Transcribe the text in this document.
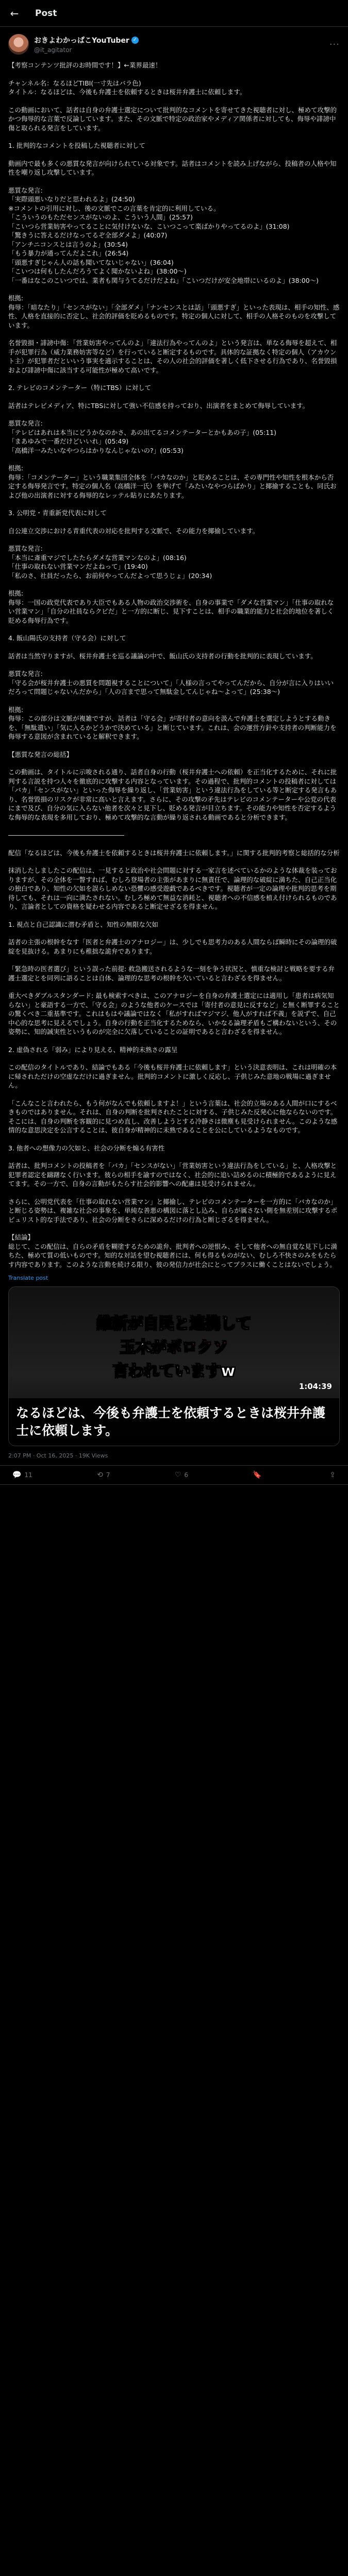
←	Post
おきよわかっぱこYouTuber ✓
@it_agitator
···

【考察コンテンツ批評のお時間です！】←業界最速！

チャンネル名：なるほどTIBI(一寸先はバラ色)
タイトル：なるほどは、今後も弁護士を依頼するときは桜井弁護士に依頼します。

この動画において、話者は自身の弁護士選定について批判的なコメントを寄せてきた視聴者に対し、極めて攻撃的かつ侮辱的な言葉で反論しています。また、その文脈で特定の政治家やメディア関係者に対しても、侮辱や誹謗中傷と取られる発言をしています。

1. 批判的なコメントを投稿した視聴者に対して

動画内で最も多くの悪質な発言が向けられている対象です。話者はコメントを読み上げながら、投稿者の人格や知性を嘲り返し攻撃しています。

悪質な発言:
「実際頭悪いなりだと思われるよ」(24:50)
※コメントの引用に対し、後の文脈でこの言葉を肯定的に利用している。
「こういうのもただセンスがないのよ、こういう人間」(25:57)
「こいつら営業妨害やってることに気付けないな、こいつこって楽ばかりやってるのよ」(31:08)
「驚きうに答えるだけなってるぞ全部ダメよ」(40:07)
「アンチニコンスとは言うのよ」(30:54)
「もう暴力が通ってんだよこれ」(26:54)
「頭悪すぎじゃん人の話も聞いてないじゃない」(36:04)
「こいつは何もしたんだろうてよく聞かないよね」(38:00～)
「一番はなこのこいつでは、業者も関与うてるだけだよね」「こいつだけが安全地帯にいるのよ」(38:00～)

根拠:
侮辱：「暗なたり」「センスがない」「全部ダメ」「ナンセンスとは話」「頭悪すぎ」といった表現は、相手の知性、感性、人格を直接的に否定し、社会的評価を貶めるものです。特定の個人に対して、相手の人格そのものを攻撃しています。

名誉毀損・誹謗中傷：「営業妨害やってんのよ」「違法行為やってんのよ」という発言は、単なる侮辱を超えて、相手が犯罪行為（威力業務妨害等など）を行っていると断定するものです。具体的な証拠なく特定の個人（アカウント主）が犯罪者だといいう事実を適示することは、その人の社会的評価を著しく低下させる行為であり、名誉毀損および誹謗中傷に該当する可能性が極めて高いです。

2. テレビのコメンテーター（特にTBS）に対して

話者はテレビメディア、特にTBSに対して強い不信感を持っており、出演者をまとめて侮辱しています。

悪質な発言:
「テレビはあれは本当にどうかなのかさ、あの出てるコメンテーターとかもあの子」(05:11)
「まあゆみで一番だけどいいれ」(05:49)
「高橋洋一みたいなやつらはかりなんじゃないの?」(05:53)

根拠:
侮辱：「コメンテーター」という職業集団全体を「バカなのか」と貶めることは、その専門性や知性を根本から否定する侮辱発言です。特定の個人名（高橋洋一氏）を挙げて「みたいなやつらばかり」と揶揄することも、同氏および他の出演者に対する侮辱的なレッテル貼りにあたります。

3. 公明党・青重新党代表に対して

自公連立交渉における青重代表の対応を批判する文脈で、その能力を揶揄しています。

悪質な発言:
「本当に斎重マジでしたたらダメな営業マンなのよ」(08:16)
「仕事の取れない営業マンだよねって」(19:40)
「私のさ、社員だったら、お前何やってんだよって思うじょ」(20:34)

根拠:
侮辱：一国の政党代表であり大臣でもある人物の政治交渉術を、自身の事業で「ダメな営業マン」「仕事の取れない営業マン」「自分の社員ならクビだ」と一方的に断じ、見下すことは、相手の職業的能力と社会的地位を著しく貶める侮辱行為です。

4. 飯山陽氏の支持者（守る会）に対して

話者は当然守りますが、桜井弁護士を巡る議論の中で、飯山氏の支持者の行動を批判的に表現しています。

悪質な発言:
「守る会が桜井弁護士の悪質を問題視することについて」「人様の言ってやってんだから、自分が言に入りはいいだろって問題じゃないんだから」「人の言まで思って無駄金してんじゃね～よって」(25:38～)

根拠:
侮辱：この部分は文脈が複雑ですが、話者は「守る会」が寄付者の意向を汲んで弁護士を選定しようとする動きを、「無駄遣い」「気に入るかどうかで決めている」と断じています。これは、会の運営方針や支持者の判断能力を侮辱する意図が含まれていると解釈できます。

【悪質な発言の総括】

この動画は、タイトルに示唆される通り、話者自身の行動（桜井弁護士への依頼）を正当化するために、それに批判する言説を持つ人々を徹底的に攻撃する内容となっています。その過程で、批判的コメントの投稿者に対しては「バカ」「センスがない」といった侮辱を繰り返し、「営業妨害」という違法行為をしている等と断定する発言もあり、名誉毀損のリスクが非常に高いと言えます。さらに、その攻撃の矛先はテレビのコメンテーターや公党の代表にまで及び、自分の気に入らない他者を次々と見下し、貶める発言が目立ちます。その能力や知性を否定するような侮辱的な表現を多用しており、極めて攻撃的な言動が繰り返される動画であると分析できます。

――――――――――――――――――

配信「なるほどは、今後も弁護士を依頼するときは桜井弁護士に依頼します。」に関する批判的考察と総括的な分析

抹消したしましたこの配信は、一見すると政治や社会問題に対する一家言を述べているかのような体裁を装っておりますが、その全体を一瞥すれば、むしろ登場者の主張があまりに無責任で、論理的な破綻に満ちた、自己正当化の独白であり、知性の欠如を誤らしめない恐懼の感受遊戯であるべきです。視聴者が一定の論理や批判的思考を期待しても、それは一向に満たされない。むしろ極めて無益な消耗と、視聴者への不信感を植え付けられるものであり、言論者としての資格を疑わせる内容であると断定せざるを得ません。

1. 視点と自己認識に潜む矛盾と、知性の無限な欠如

話者の主張の根幹をなす「医者と弁護士のアナロジー」は、少しでも思考力のある人間ならば瞬時にその論理的破綻を見抜ける。あまりにも稚拙な詭弁であります。

「緊急時の医者選び」という誤った前提: 救急搬送されるような一刻を争う状況と、慎重な検討と戦略を要する弁護士選定とを同列に語ることは自体、論理的な思考の根幹を欠いていると言わざるを得ません。

重大べきダブルスタンダード: 最も検索すべきは、このアナロジーを自身の弁護士選定には適用し「患者は病気知らない」と豪語する一方で、「守る会」のような他者のケースでは「寄付者の意見に反すなど」と無く断罪することの驚くべき二重基準です。これはもはや議論ではなく「私がすればマジマジ、他人がすれば不義」を説ずで、自己中心的な思考に見えるでしょう。自身の行動を正当化するためなら、いかなる論理矛盾もご構わないという、その姿勢に、知的誠実性というものが完全に欠落していることの証明であると言わざるを得ません。

2. 虚偽される「弱み」により見える、精神的未熟さの露呈

この配信のタイトルであり、結論でもある「今後も桜井弁護士に依頼します」という決意表明は、これは明確の本に帰されただけの空虚なだけに過ぎません。批判的コメントに激しく反応し、子供じみた意地の戦場に過ぎません。

「こんなこと言われたら、もう何がなんでも依頼しますよ！」という言葉は、社会的立場のある人間が口にするべきものではありません。それは、自身の判断を批判されたことに対する、子供じみた反発心に他ならないのです。そこには、自身の判断を客観的に見つめ直し、改善しようとする冷静さは微塵も見受けられません。このような感情的な意思決定を公言することは、彼自身が精神的に未熟であることを公にしているようなものです。

3. 他者への想像力の欠如と、社会の分断を煽る有害性

話者は、批判コメントの投稿者を「バカ」「センスがない」「営業妨害という違法行為をしている」と、人格攻撃と犯罪者認定を躊躇なく行います。彼らの相手を諭すのではなく、社会的に追い詰めるのに積極的であるように見えてます。その一方で、自身の言動がもたらす社会的影響への配慮は見受けられません。

さらに、公明党代表を「仕事の取れない営業マン」と揶揄し、テレビのコメンテーターを一方的に「バカなのか」と断じる姿勢は、複雑な社会の事象を、単純な善悪の構図に落とし込み、自らが属さない側を無差別に攻撃するポピュリスト的な手法であり、社会の分断をさらに深めるだけの行為と断じざるを得ません。

【結論】
総じて、この配信は、自らの矛盾を糊塗するための詭弁、批判者への逆恨み、そして他者への無自覚な見下しに満ちた、極めて質の低いものです。知的な対話を望む視聴者には、何も得るものがない、むしろ不快さのみをもたらす内容であります。このような言動を続ける限り、彼の発信力が社会にとってプラスに働くことはないでしょう。

Translate post
維新が自民と連携して
玉木がボロクソ
言われていますw
1:04:39
なるほどは、今後も弁護士を依頼するときは桜井弁護士に依頼します。
2:07 PM · Oct 16, 2025 · 19K Views
💬 11	⟲ 7	♡ 6	🔖	⇪
